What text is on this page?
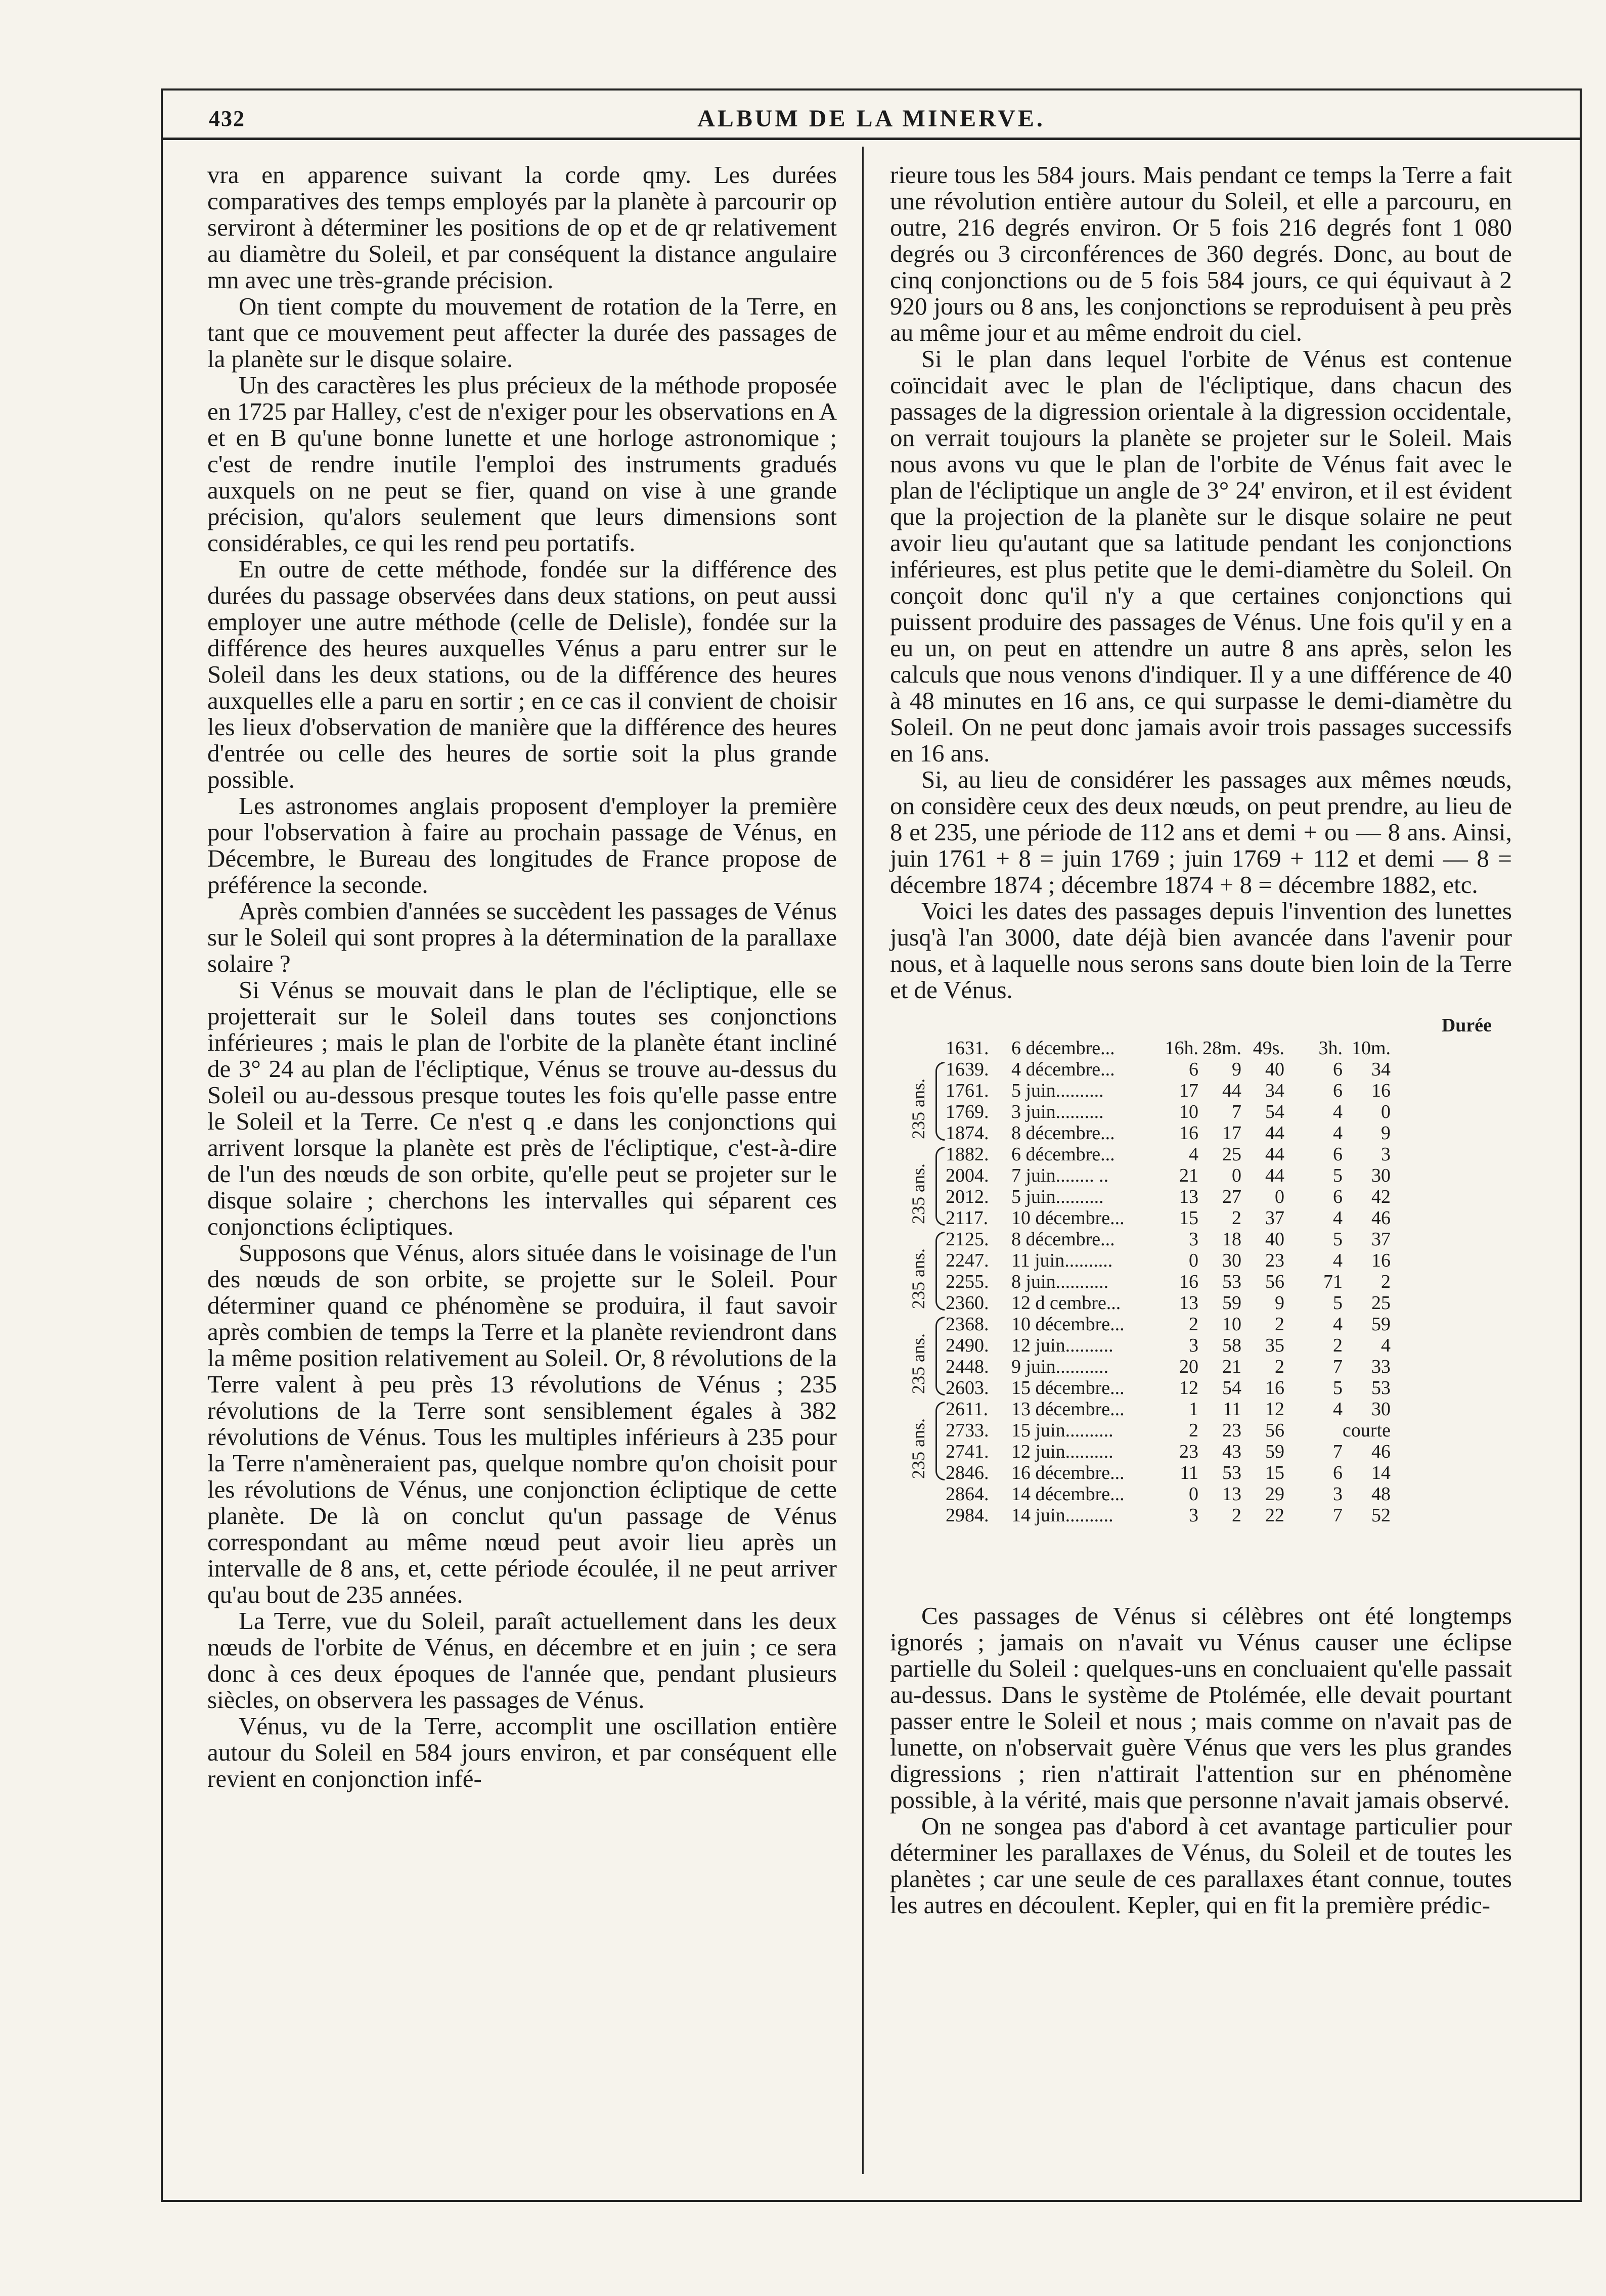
432	ALBUM DE LA MINERVE.

vra en apparence suivant la corde qmy. Les durées comparatives des temps employés par la planète à parcourir op serviront à déterminer les positions de op et de qr relativement au diamètre du Soleil, et par conséquent la distance angulaire mn avec une très-grande précision.

On tient compte du mouvement de rotation de la Terre, en tant que ce mouvement peut affecter la durée des passages de la planète sur le disque solaire.

Un des caractères les plus précieux de la méthode proposée en 1725 par Halley, c'est de n'exiger pour les observations en A et en B qu'une bonne lunette et une horloge astronomique ; c'est de rendre inutile l'emploi des instruments gradués auxquels on ne peut se fier, quand on vise à une grande précision, qu'alors seulement que leurs dimensions sont considérables, ce qui les rend peu portatifs.

En outre de cette méthode, fondée sur la différence des durées du passage observées dans deux stations, on peut aussi employer une autre méthode (celle de Delisle), fondée sur la différence des heures auxquelles Vénus a paru entrer sur le Soleil dans les deux stations, ou de la différence des heures auxquelles elle a paru en sortir ; en ce cas il convient de choisir les lieux d'observation de manière que la différence des heures d'entrée ou celle des heures de sortie soit la plus grande possible.

Les astronomes anglais proposent d'employer la première pour l'observation à faire au prochain passage de Vénus, en Décembre, le Bureau des longitudes de France propose de préférence la seconde.

Après combien d'années se succèdent les passages de Vénus sur le Soleil qui sont propres à la détermination de la parallaxe solaire ?

Si Vénus se mouvait dans le plan de l'écliptique, elle se projetterait sur le Soleil dans toutes ses conjonctions inférieures ; mais le plan de l'orbite de la planète étant incliné de 3° 24 au plan de l'écliptique, Vénus se trouve au-dessus du Soleil ou au-dessous presque toutes les fois qu'elle passe entre le Soleil et la Terre. Ce n'est q .e dans les conjonctions qui arrivent lorsque la planète est près de l'écliptique, c'est-à-dire de l'un des nœuds de son orbite, qu'elle peut se projeter sur le disque solaire ; cherchons les intervalles qui séparent ces conjonctions écliptiques.

Supposons que Vénus, alors située dans le voisinage de l'un des nœuds de son orbite, se projette sur le Soleil. Pour déterminer quand ce phénomène se produira, il faut savoir après combien de temps la Terre et la planète reviendront dans la même position relativement au Soleil. Or, 8 révolutions de la Terre valent à peu près 13 révolutions de Vénus ; 235 révolutions de la Terre sont sensiblement égales à 382 révolutions de Vénus. Tous les multiples inférieurs à 235 pour la Terre n'amèneraient pas, quelque nombre qu'on choisit pour les révolutions de Vénus, une conjonction écliptique de cette planète. De là on conclut qu'un passage de Vénus correspondant au même nœud peut avoir lieu après un intervalle de 8 ans, et, cette période écoulée, il ne peut arriver qu'au bout de 235 années.

La Terre, vue du Soleil, paraît actuellement dans les deux nœuds de l'orbite de Vénus, en décembre et en juin ; ce sera donc à ces deux époques de l'année que, pendant plusieurs siècles, on observera les passages de Vénus.

Vénus, vu de la Terre, accomplit une oscillation entière autour du Soleil en 584 jours environ, et par conséquent elle revient en conjonction infé-

rieure tous les 584 jours. Mais pendant ce temps la Terre a fait une révolution entière autour du Soleil, et elle a parcouru, en outre, 216 degrés environ. Or 5 fois 216 degrés font 1 080 degrés ou 3 circonférences de 360 degrés. Donc, au bout de cinq conjonctions ou de 5 fois 584 jours, ce qui équivaut à 2 920 jours ou 8 ans, les conjonctions se reproduisent à peu près au même jour et au même endroit du ciel.

Si le plan dans lequel l'orbite de Vénus est contenue coïncidait avec le plan de l'écliptique, dans chacun des passages de la digression orientale à la digression occidentale, on verrait toujours la planète se projeter sur le Soleil. Mais nous avons vu que le plan de l'orbite de Vénus fait avec le plan de l'écliptique un angle de 3° 24' environ, et il est évident que la projection de la planète sur le disque solaire ne peut avoir lieu qu'autant que sa latitude pendant les conjonctions inférieures, est plus petite que le demi-diamètre du Soleil. On conçoit donc qu'il n'y a que certaines conjonctions qui puissent produire des passages de Vénus. Une fois qu'il y en a eu un, on peut en attendre un autre 8 ans après, selon les calculs que nous venons d'indiquer. Il y a une différence de 40 à 48 minutes en 16 ans, ce qui surpasse le demi-diamètre du Soleil. On ne peut donc jamais avoir trois passages successifs en 16 ans.

Si, au lieu de considérer les passages aux mêmes nœuds, on considère ceux des deux nœuds, on peut prendre, au lieu de 8 et 235, une période de 112 ans et demi + ou — 8 ans. Ainsi, juin 1761 + 8 = juin 1769 ; juin 1769 + 112 et demi — 8 = décembre 1874 ; décembre 1874 + 8 = décembre 1882, etc.

Voici les dates des passages depuis l'invention des lunettes jusq'à l'an 3000, date déjà bien avancée dans l'avenir pour nous, et à laquelle nous serons sans doute bien loin de la Terre et de Vénus.

Durée
235 ans.
235 ans.
235 ans.
235 ans.
235 ans.
1631.	6 décembre...	16h. 28m. 49s.	3h. 10m.
1639.	4 décembre...	6	9	40	6	34
1761.	5 juin..........	17	44	34	6	16
1769.	3 juin..........	10	7	54	4	0
1874.	8 décembre...	16	17	44	4	9
1882.	6 décembre...	4	25	44	6	3
2004.	7 juin........ ..	21	0	44	5	30
2012.	5 juin..........	13	27	0	6	42
2117.	10 décembre...	15	2	37	4	46
2125.	8 décembre...	3	18	40	5	37
2247.	11 juin..........	0	30	23	4	16
2255.	8 juin...........	16	53	56	71	2
2360.	12 d cembre...	13	59	9	5	25
2368.	10 décembre...	2	10	2	4	59
2490.	12 juin..........	3	58	35	2	4
2448.	9 juin...........	20	21	2	7	33
2603.	15 décembre...	12	54	16	5	53
2611.	13 décembre...	1	11	12	4	30
2733.	15 juin..........	2	23	56	courte
2741.	12 juin..........	23	43	59	7	46
2846.	16 décembre...	11	53	15	6	14
2864.	14 décembre...	0	13	29	3	48
2984.	14 juin..........	3	2	22	7	52

Ces passages de Vénus si célèbres ont été longtemps ignorés ; jamais on n'avait vu Vénus causer une éclipse partielle du Soleil : quelques-uns en concluaient qu'elle passait au-dessus. Dans le système de Ptolémée, elle devait pourtant passer entre le Soleil et nous ; mais comme on n'avait pas de lunette, on n'observait guère Vénus que vers les plus grandes digressions ; rien n'attirait l'attention sur en phénomène possible, à la vérité, mais que personne n'avait jamais observé.

On ne songea pas d'abord à cet avantage particulier pour déterminer les parallaxes de Vénus, du Soleil et de toutes les planètes ; car une seule de ces parallaxes étant connue, toutes les autres en découlent. Kepler, qui en fit la première prédic-
